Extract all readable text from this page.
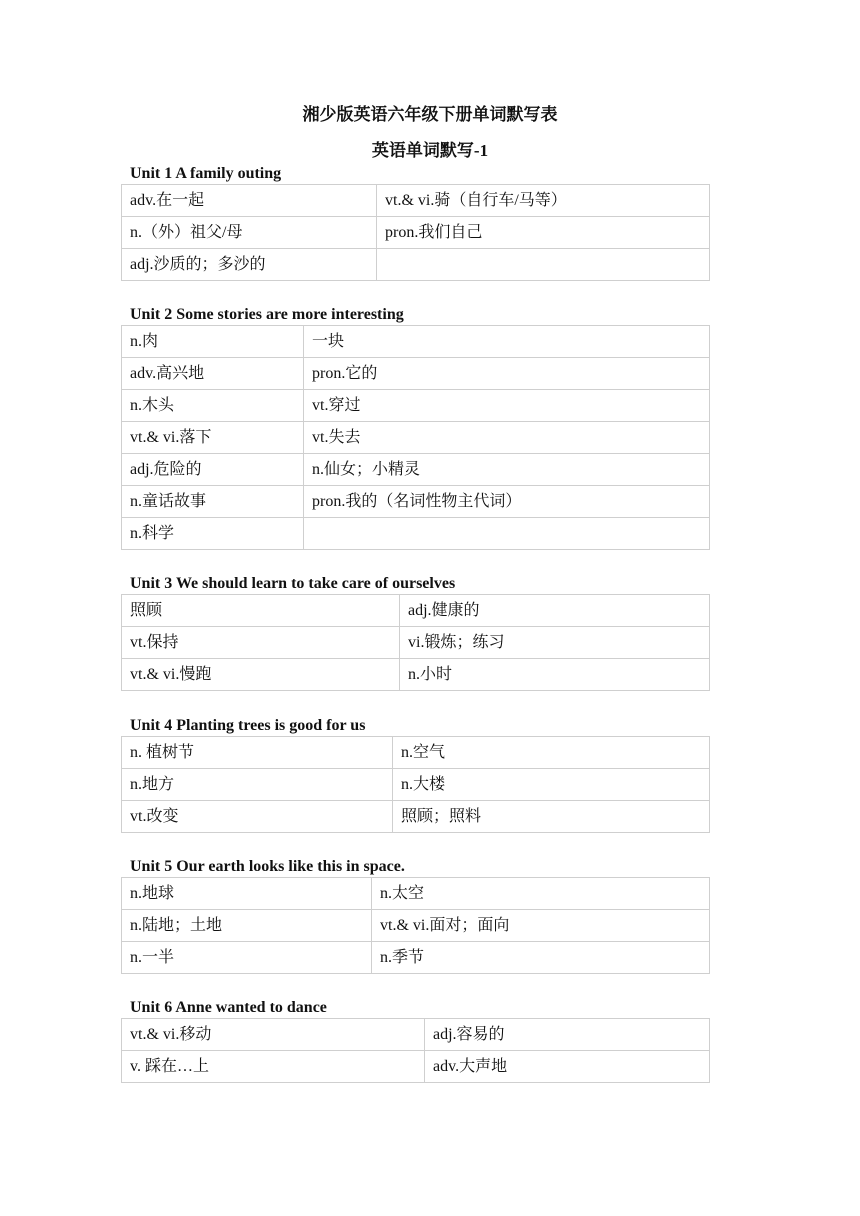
湘少版英语六年级下册单词默写表
英语单词默写-1
Unit 1 A family outing
adv.在一起	vt.& vi.骑（自行车/马等）
n.（外）祖父/母	pron.我们自己
adj.沙质的；多沙的	
Unit 2 Some stories are more interesting
n.肉	一块
adv.高兴地	pron.它的
n.木头	vt.穿过
vt.& vi.落下	vt.失去
adj.危险的	n.仙女；小精灵
n.童话故事	pron.我的（名词性物主代词）
n.科学	
Unit 3 We should learn to take care of ourselves
照顾	adj.健康的
vt.保持	vi.锻炼；练习
vt.& vi.慢跑	n.小时
Unit 4 Planting trees is good for us
n. 植树节	n.空气
n.地方	n.大楼
vt.改变	照顾；照料
Unit 5 Our earth looks like this in space.
n.地球	n.太空
n.陆地；土地	vt.& vi.面对；面向
n.一半	n.季节
Unit 6 Anne wanted to dance
vt.& vi.移动	adj.容易的
v. 踩在…上	adv.大声地
